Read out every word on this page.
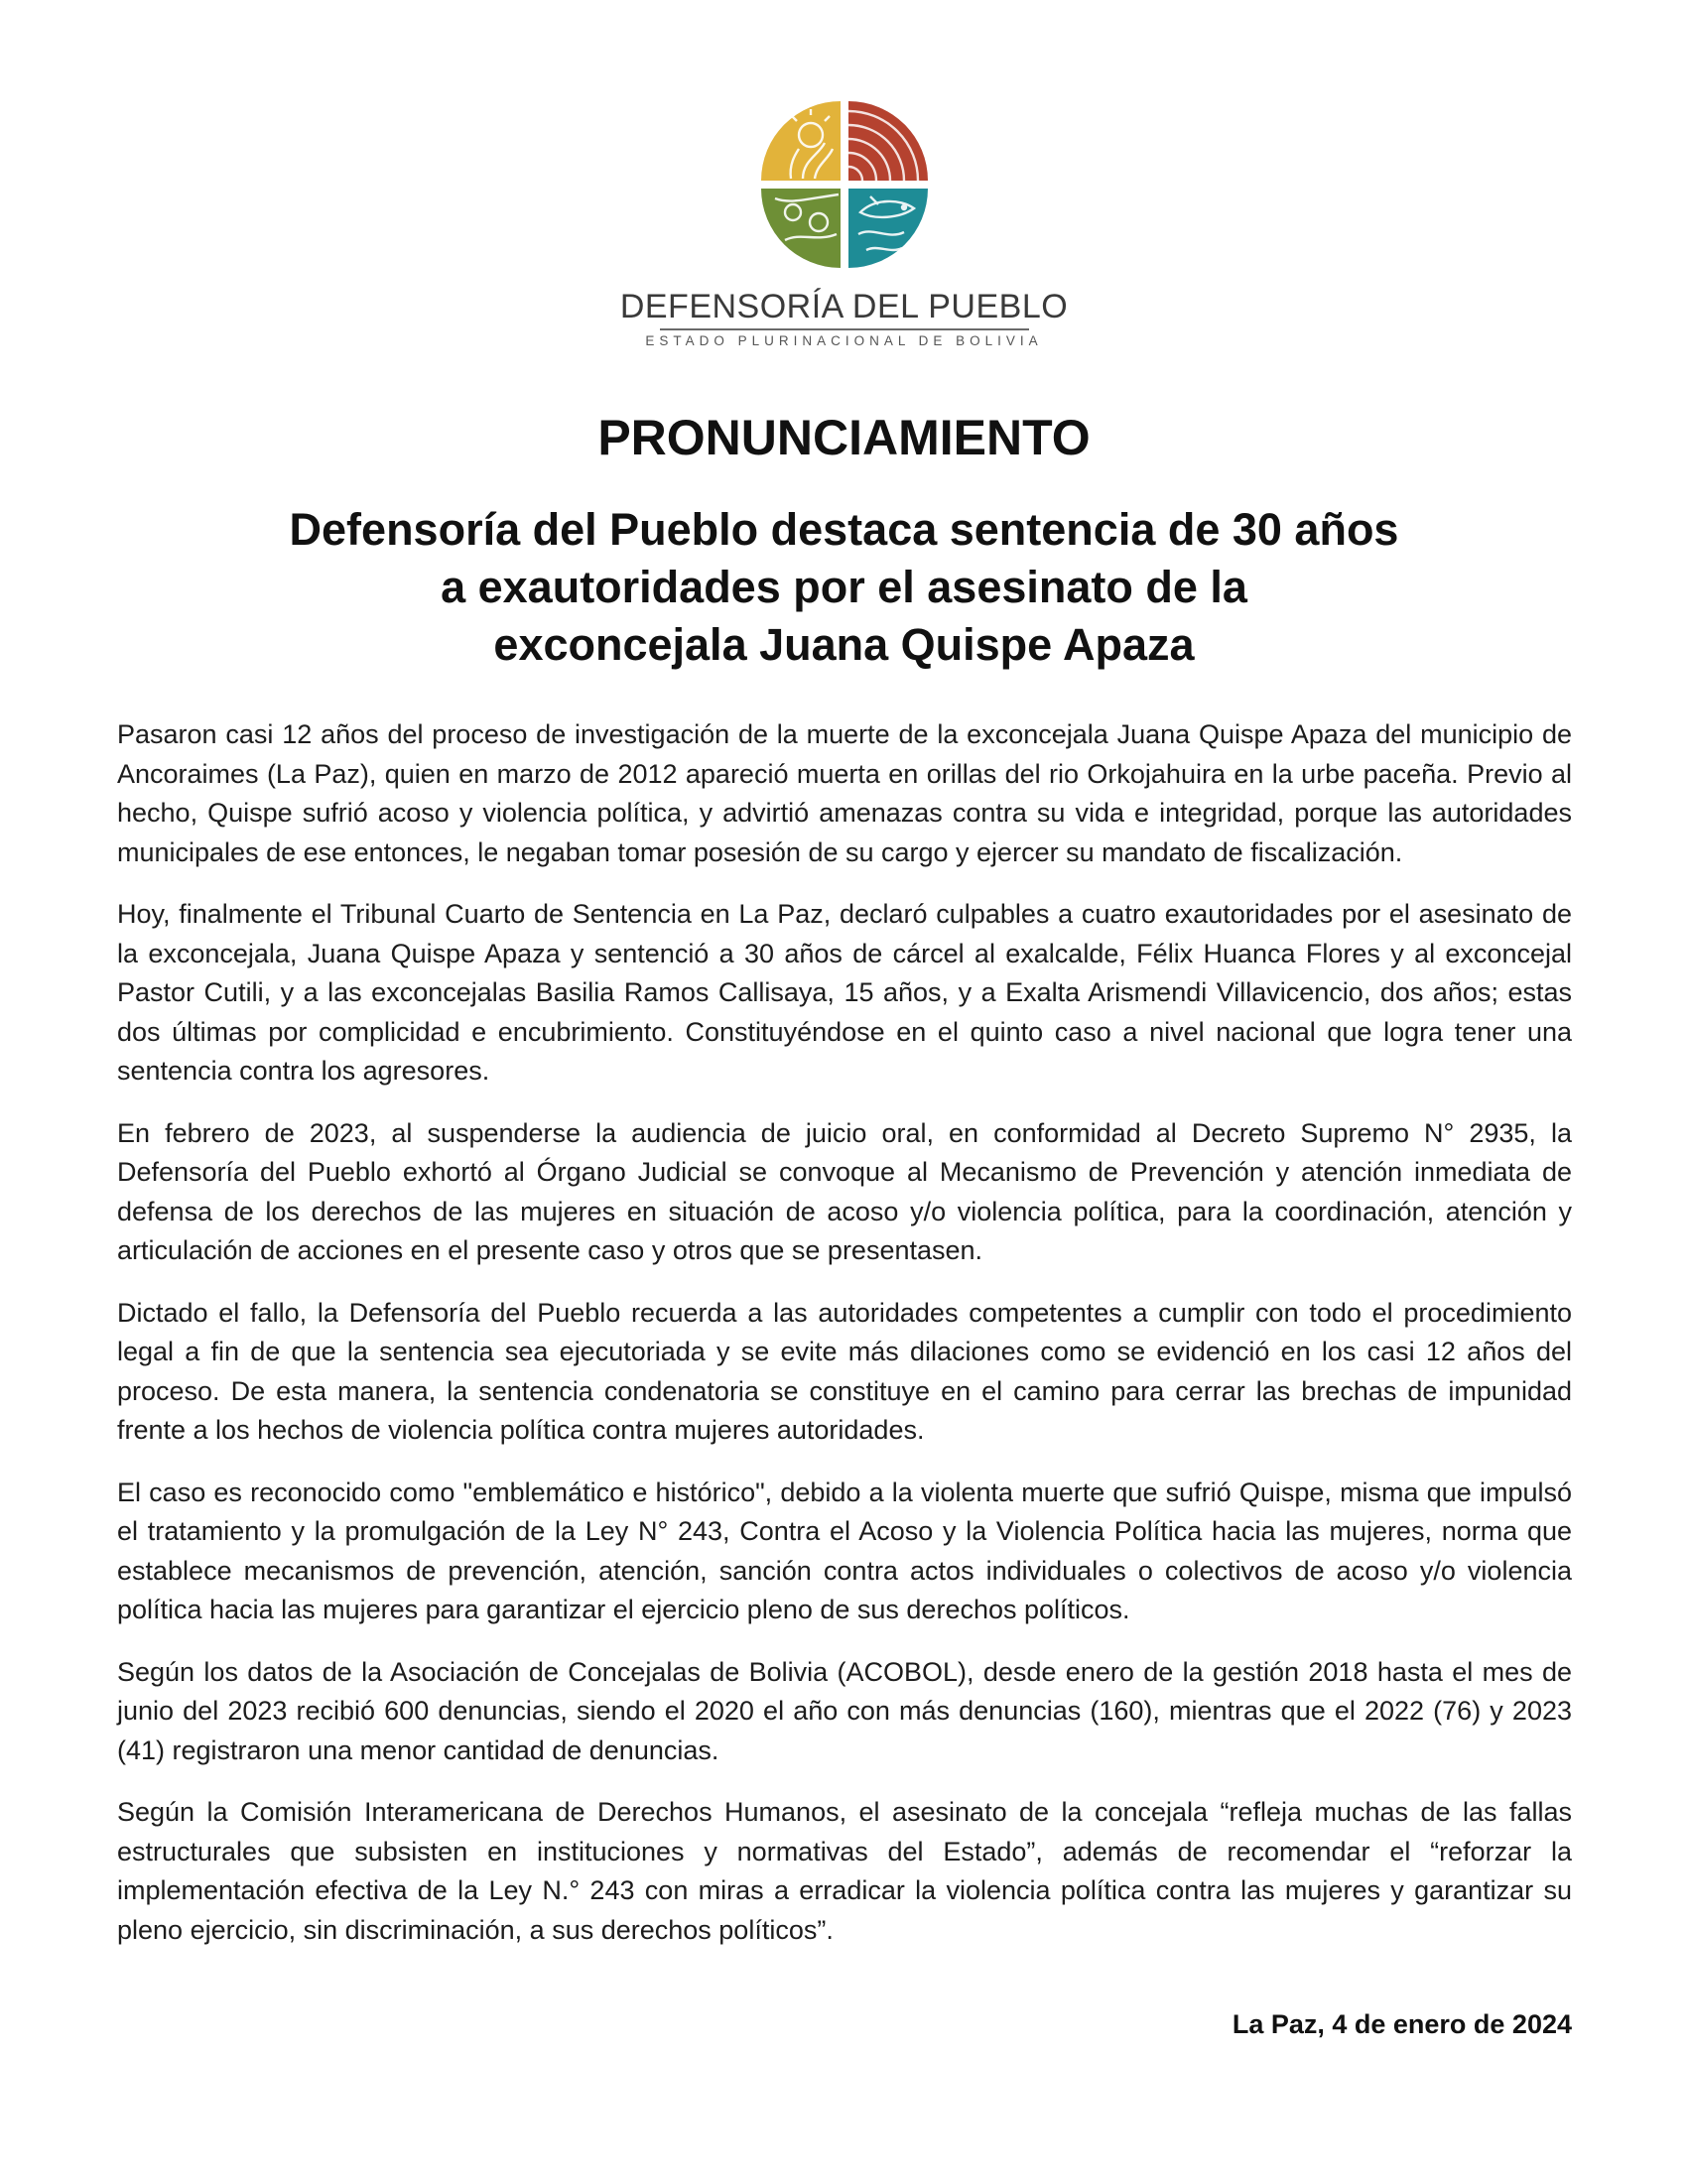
DEFENSORÍA DEL PUEBLO
ESTADO PLURINACIONAL DE BOLIVIA
PRONUNCIAMIENTO
Defensoría del Pueblo destaca sentencia de 30 años
a exautoridades por el asesinato de la
exconcejala Juana Quispe Apaza

Pasaron casi 12 años del proceso de investigación de la muerte de la exconcejala Juana Quispe Apaza del municipio de Ancoraimes (La Paz), quien en marzo de 2012 apareció muerta en orillas del rio Orkojahuira en la urbe paceña. Previo al hecho, Quispe sufrió acoso y violencia política, y advirtió amenazas contra su vida e integridad, porque las autoridades municipales de ese entonces, le negaban tomar posesión de su cargo y ejercer su mandato de fiscalización.

Hoy, finalmente el Tribunal Cuarto de Sentencia en La Paz, declaró culpables a cuatro exautoridades por el asesinato de la exconcejala, Juana Quispe Apaza y sentenció a 30 años de cárcel al exalcalde, Félix Huanca Flores y al exconcejal Pastor Cutili, y a las exconcejalas Basilia Ramos Callisaya, 15 años, y a Exalta Arismendi Villavicencio, dos años; estas dos últimas por complicidad e encubrimiento. Constituyéndose en el quinto caso a nivel nacional que logra tener una sentencia contra los agresores.

En febrero de 2023, al suspenderse la audiencia de juicio oral, en conformidad al Decreto Supremo N° 2935, la Defensoría del Pueblo exhortó al Órgano Judicial se convoque al Mecanismo de Prevención y atención inmediata de defensa de los derechos de las mujeres en situación de acoso y/o violencia política, para la coordinación, atención y articulación de acciones en el presente caso y otros que se presentasen.

Dictado el fallo, la Defensoría del Pueblo recuerda a las autoridades competentes a cumplir con todo el procedimiento legal a fin de que la sentencia sea ejecutoriada y se evite más dilaciones como se evidenció en los casi 12 años del proceso. De esta manera, la sentencia condenatoria se constituye en el camino para cerrar las brechas de impunidad frente a los hechos de violencia política contra mujeres autoridades.

El caso es reconocido como "emblemático e histórico", debido a la violenta muerte que sufrió Quispe, misma que impulsó el tratamiento y la promulgación de la Ley N° 243, Contra el Acoso y la Violencia Política hacia las mujeres, norma que establece mecanismos de prevención, atención, sanción contra actos individuales o colectivos de acoso y/o violencia política hacia las mujeres para garantizar el ejercicio pleno de sus derechos políticos.

Según los datos de la Asociación de Concejalas de Bolivia (ACOBOL), desde enero de la gestión 2018 hasta el mes de junio del 2023 recibió 600 denuncias, siendo el 2020 el año con más denuncias (160), mientras que el 2022 (76) y 2023 (41) registraron una menor cantidad de denuncias.

Según la Comisión Interamericana de Derechos Humanos, el asesinato de la concejala “refleja muchas de las fallas estructurales que subsisten en instituciones y normativas del Estado”, además de recomendar el “reforzar la implementación efectiva de la Ley N.° 243 con miras a erradicar la violencia política contra las mujeres y garantizar su pleno ejercicio, sin discriminación, a sus derechos políticos”.

La Paz, 4 de enero de 2024
